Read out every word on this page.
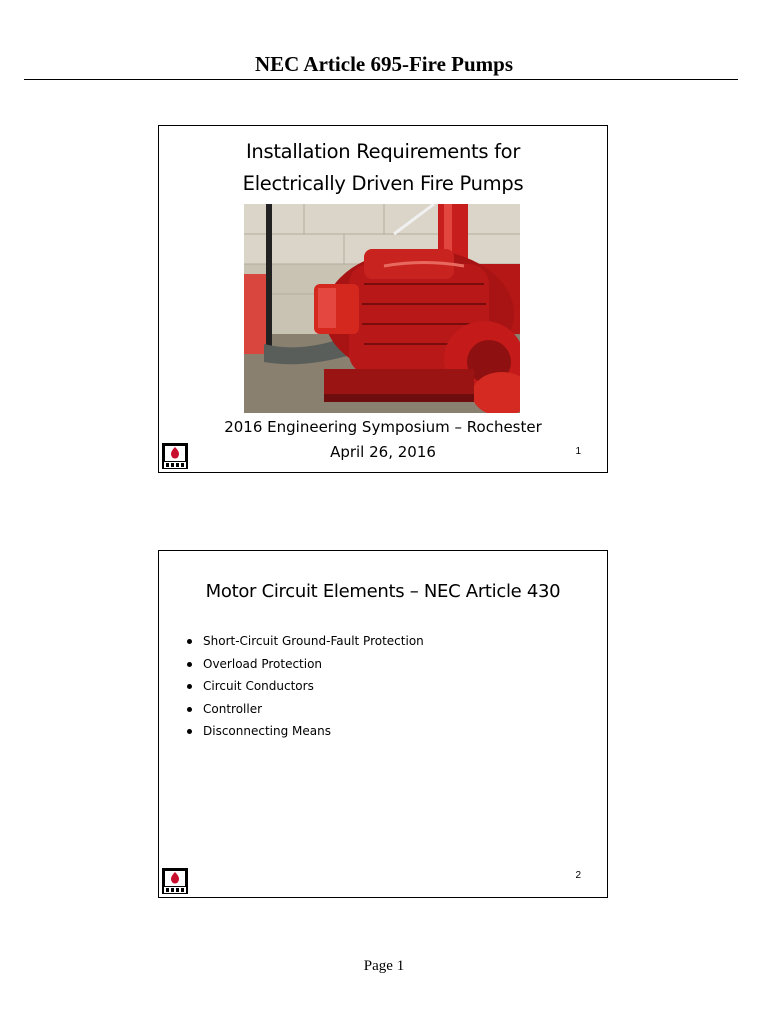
NEC Article 695-Fire Pumps
Installation Requirements for
Electrically Driven Fire Pumps
2016 Engineering Symposium – Rochester
April 26, 2016	1
Motor Circuit Elements – NEC Article 430
Short-Circuit Ground-Fault Protection
Overload Protection
Circuit Conductors
Controller
Disconnecting Means
2
Page 1
